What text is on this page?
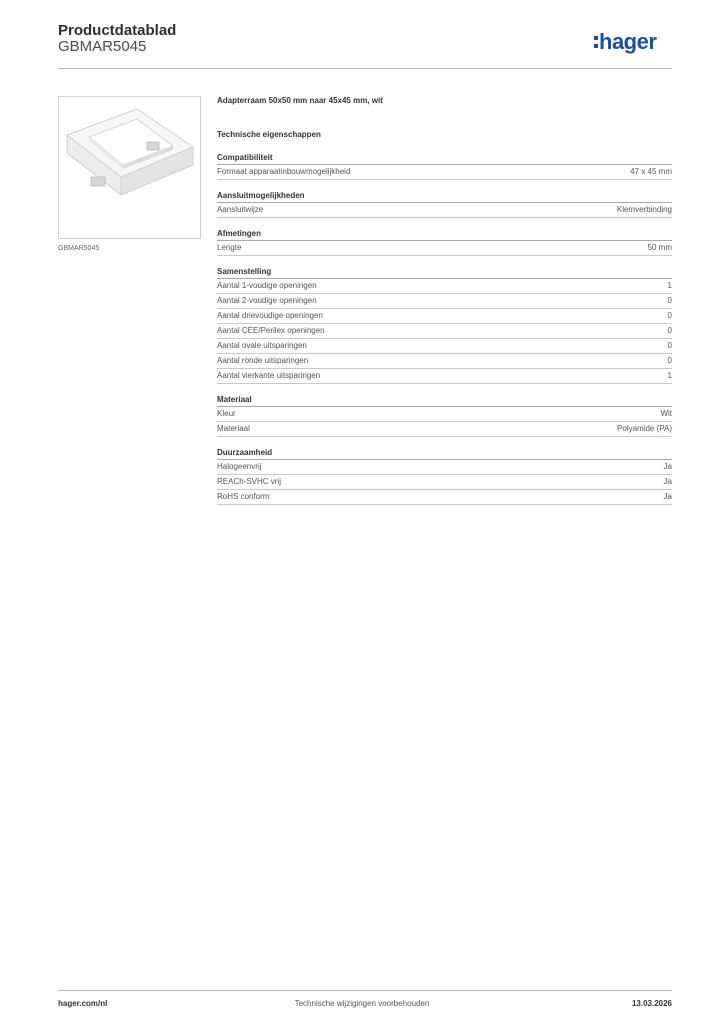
Productdatablad
GBMAR5045	hager
GBMAR5045
Adapterraam 50x50 mm naar 45x45 mm, wit
Technische eigenschappen
Compatibiliteit
Formaat apparaatinbouwmogelijkheid	47 x 45 mm
Aansluitmogelijkheden
Aansluitwijze	Klemverbinding
Afmetingen
Lengte	50 mm
Samenstelling
Aantal 1-voudige openingen	1
Aantal 2-voudige openingen	0
Aantal drievoudige openingen	0
Aantal CEE/Perilex openingen	0
Aantal ovale uitsparingen	0
Aantal ronde uitsparingen	0
Aantal vierkante uitsparingen	1
Materiaal
Kleur	Wit
Materiaal	Polyamide (PA)
Duurzaamheid
Halogeenvrij	Ja
REACh-SVHC vrij	Ja
RoHS conform	Ja
hager.com/nl	Technische wijzigingen voorbehouden	13.03.2026
